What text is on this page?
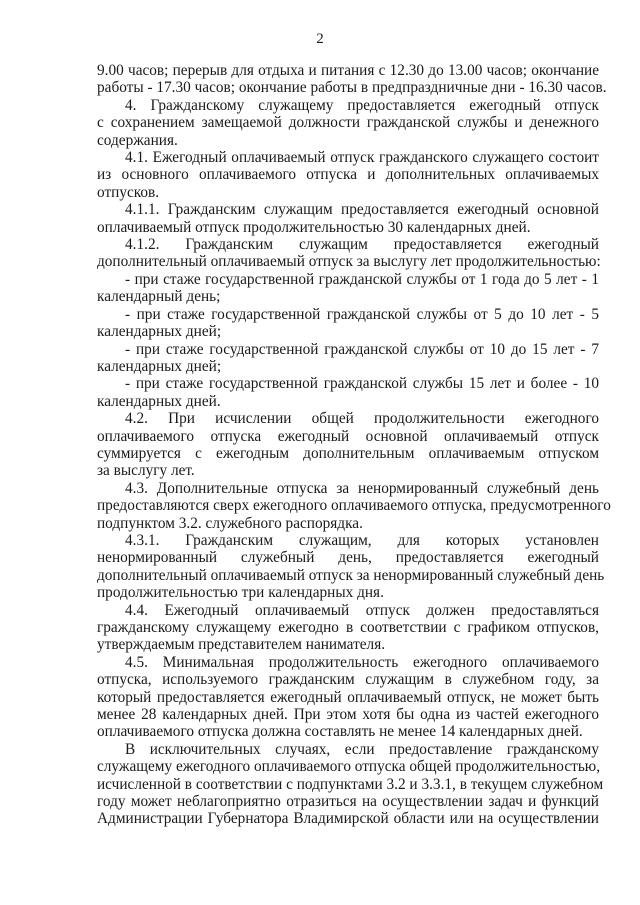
2
9.00 часов; перерыв для отдыха и питания с 12.30 до 13.00 часов; окончание
работы - 17.30 часов; окончание работы в предпраздничные дни - 16.30 часов.
4. Гражданскому служащему предоставляется ежегодный отпуск
с сохранением замещаемой должности гражданской службы и денежного
содержания.
4.1. Ежегодный оплачиваемый отпуск гражданского служащего состоит
из основного оплачиваемого отпуска и дополнительных оплачиваемых
отпусков.
4.1.1. Гражданским служащим предоставляется ежегодный основной
оплачиваемый отпуск продолжительностью 30 календарных дней.
4.1.2. Гражданским служащим предоставляется ежегодный
дополнительный оплачиваемый отпуск за выслугу лет продолжительностью:
- при стаже государственной гражданской службы от 1 года до 5 лет - 1
календарный день;
- при стаже государственной гражданской службы от 5 до 10 лет - 5
календарных дней;
- при стаже государственной гражданской службы от 10 до 15 лет - 7
календарных дней;
- при стаже государственной гражданской службы 15 лет и более - 10
календарных дней.
4.2. При исчислении общей продолжительности ежегодного
оплачиваемого отпуска ежегодный основной оплачиваемый отпуск
суммируется с ежегодным дополнительным оплачиваемым отпуском
за выслугу лет.
4.3. Дополнительные отпуска за ненормированный служебный день
предоставляются сверх ежегодного оплачиваемого отпуска, предусмотренного
подпунктом 3.2. служебного распорядка.
4.3.1. Гражданским служащим, для которых установлен
ненормированный служебный день, предоставляется ежегодный
дополнительный оплачиваемый отпуск за ненормированный служебный день
продолжительностью три календарных дня.
4.4. Ежегодный оплачиваемый отпуск должен предоставляться
гражданскому служащему ежегодно в соответствии с графиком отпусков,
утверждаемым представителем нанимателя.
4.5. Минимальная продолжительность ежегодного оплачиваемого
отпуска, используемого гражданским служащим в служебном году, за
который предоставляется ежегодный оплачиваемый отпуск, не может быть
менее 28 календарных дней. При этом хотя бы одна из частей ежегодного
оплачиваемого отпуска должна составлять не менее 14 календарных дней.
В исключительных случаях, если предоставление гражданскому
служащему ежегодного оплачиваемого отпуска общей продолжительностью,
исчисленной в соответствии с подпунктами 3.2 и 3.3.1, в текущем служебном
году может неблагоприятно отразиться на осуществлении задач и функций
Администрации Губернатора Владимирской области или на осуществлении
